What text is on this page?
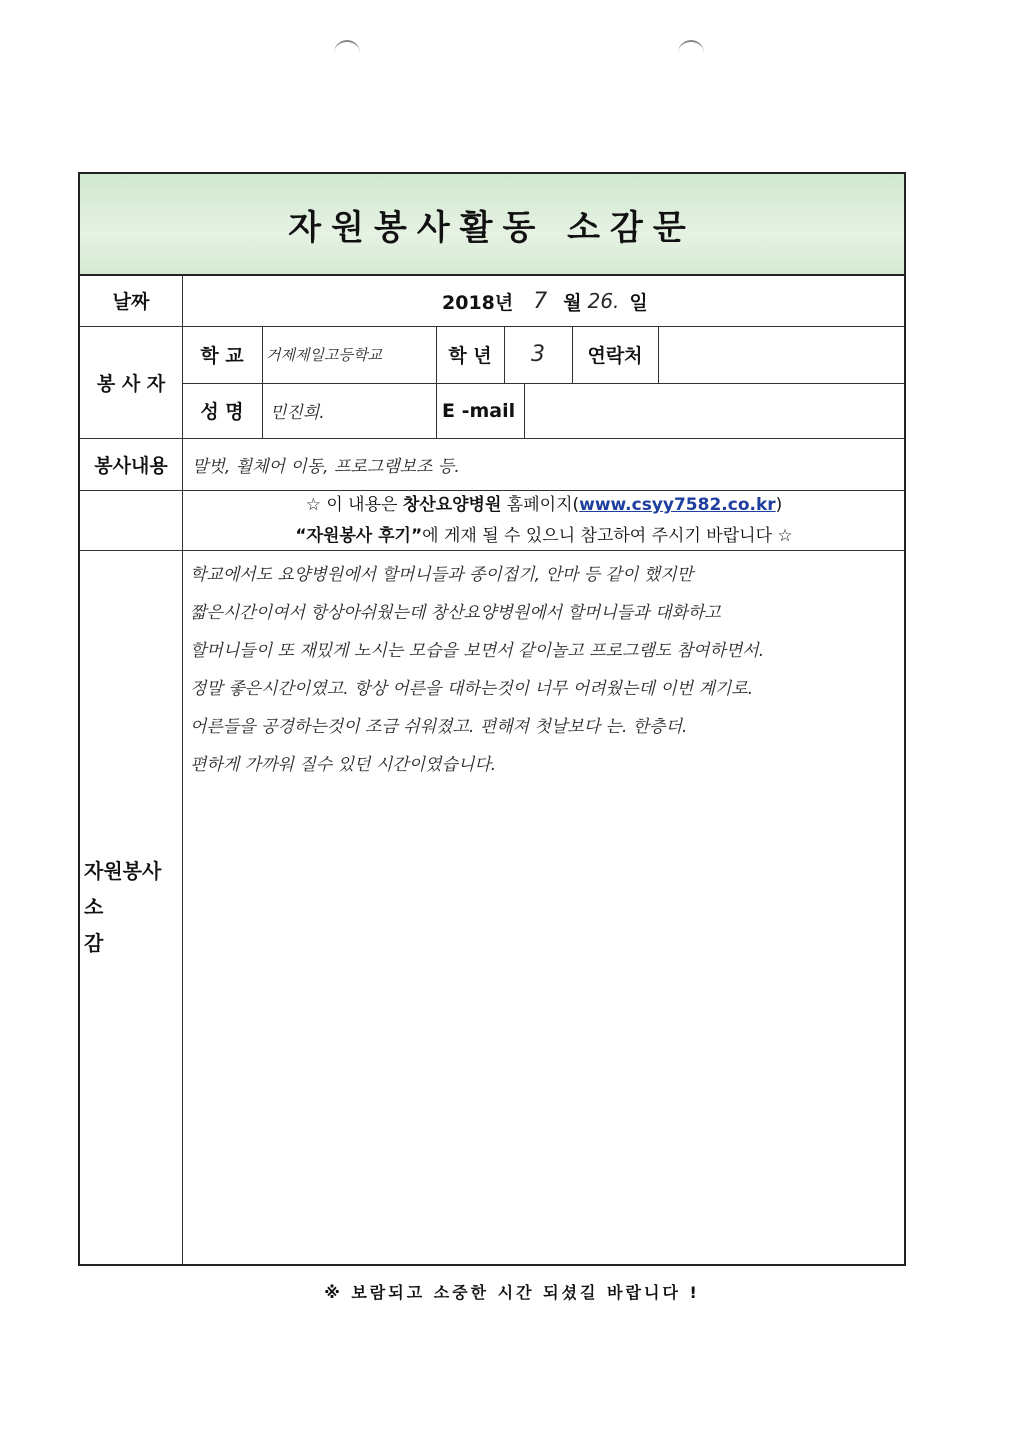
자원봉사활동 소감문
날짜	2018년 7 월 26. 일
봉 사 자
학 교	거제제일고등학교	학 년	3	연락처
성 명	민진희.	E -mail
봉사내용	말벗, 휠체어 이동, 프로그램보조 등.
☆ 이 내용은 창산요양병원 홈페이지(www.csyy7582.co.kr)
“자원봉사 후기”에 게재 될 수 있으니 참고하여 주시기 바랍니다 ☆
자원봉사
소 감
학교에서도 요양병원에서 할머니들과 종이접기, 안마 등 같이 했지만
짧은시간이여서 항상아쉬웠는데 창산요양병원에서 할머니들과 대화하고
할머니들이 또 재밌게 노시는 모습을 보면서 같이놀고 프로그램도 참여하면서.
정말 좋은시간이였고. 항상 어른을 대하는것이 너무 어려웠는데 이번 계기로.
어른들을 공경하는것이 조금 쉬워졌고. 편해져 첫날보다 는. 한층더.
편하게 가까워 질수 있던 시간이였습니다.
※ 보람되고 소중한 시간 되셨길 바랍니다 !
